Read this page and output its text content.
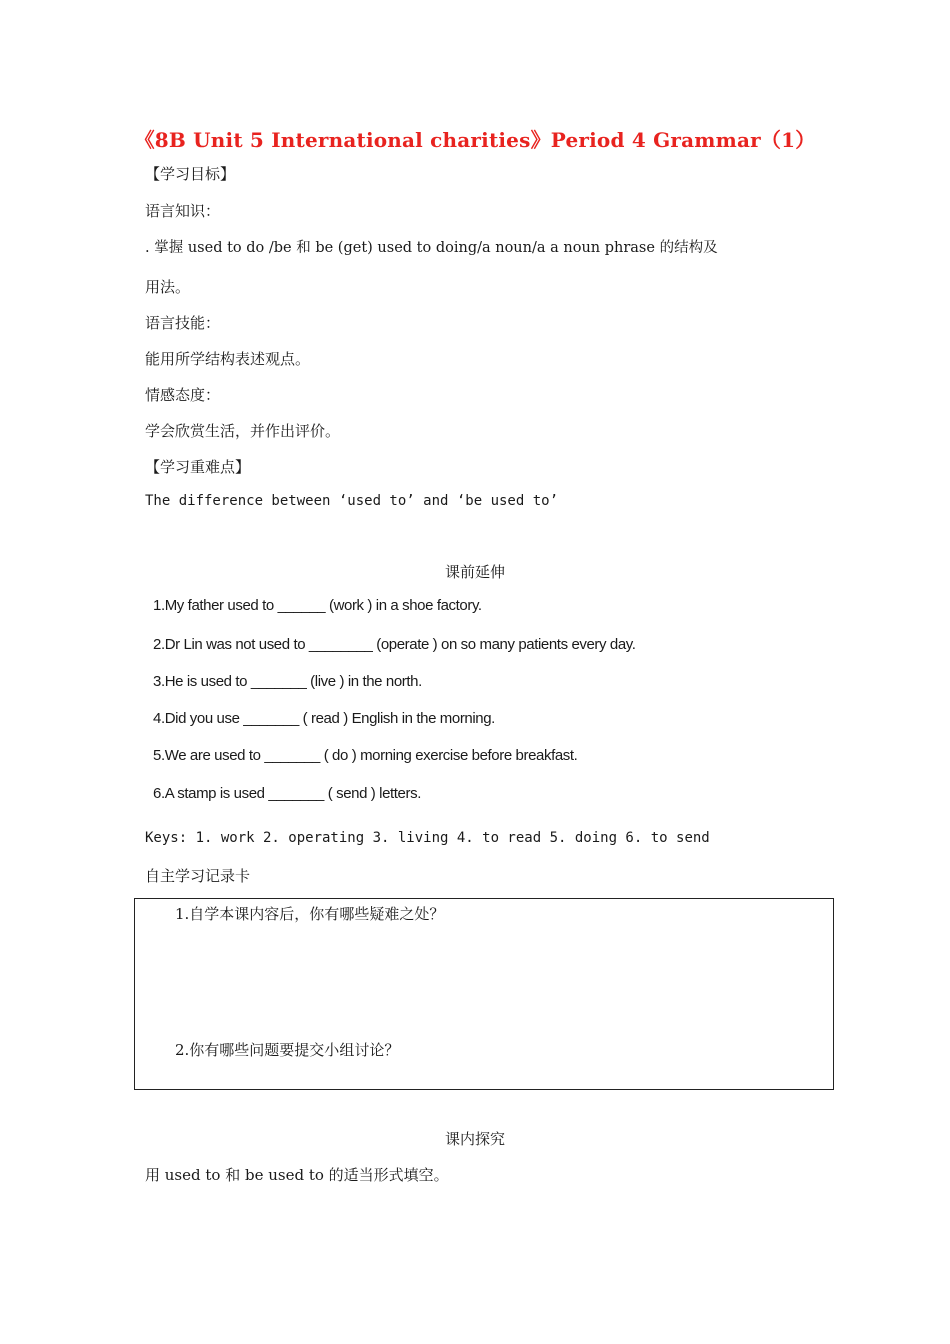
《8B Unit 5 International charities》Period 4 Grammar（1）
【学习目标】
语言知识：
. 掌握 used to do /be 和 be (get) used to doing/a noun/a a noun phrase 的结构及
用法。
语言技能：
能用所学结构表述观点。
情感态度：
学会欣赏生活，并作出评价。
【学习重难点】
The difference between ‘used to’ and ‘be used to’
课前延伸
1.My father used to ______ (work ) in a shoe factory.
2.Dr Lin was not used to ________ (operate ) on so many patients every day.
3.He is used to _______ (live ) in the north.
4.Did you use _______ ( read ) English in the morning.
5.We are used to _______ ( do ) morning exercise before breakfast.
6.A stamp is used _______ ( send ) letters.
Keys: 1. work 2. operating 3. living 4. to read 5. doing 6. to send
自主学习记录卡
1.自学本课内容后，你有哪些疑难之处？
2.你有哪些问题要提交小组讨论？
课内探究
用 used to 和 be used to 的适当形式填空。
